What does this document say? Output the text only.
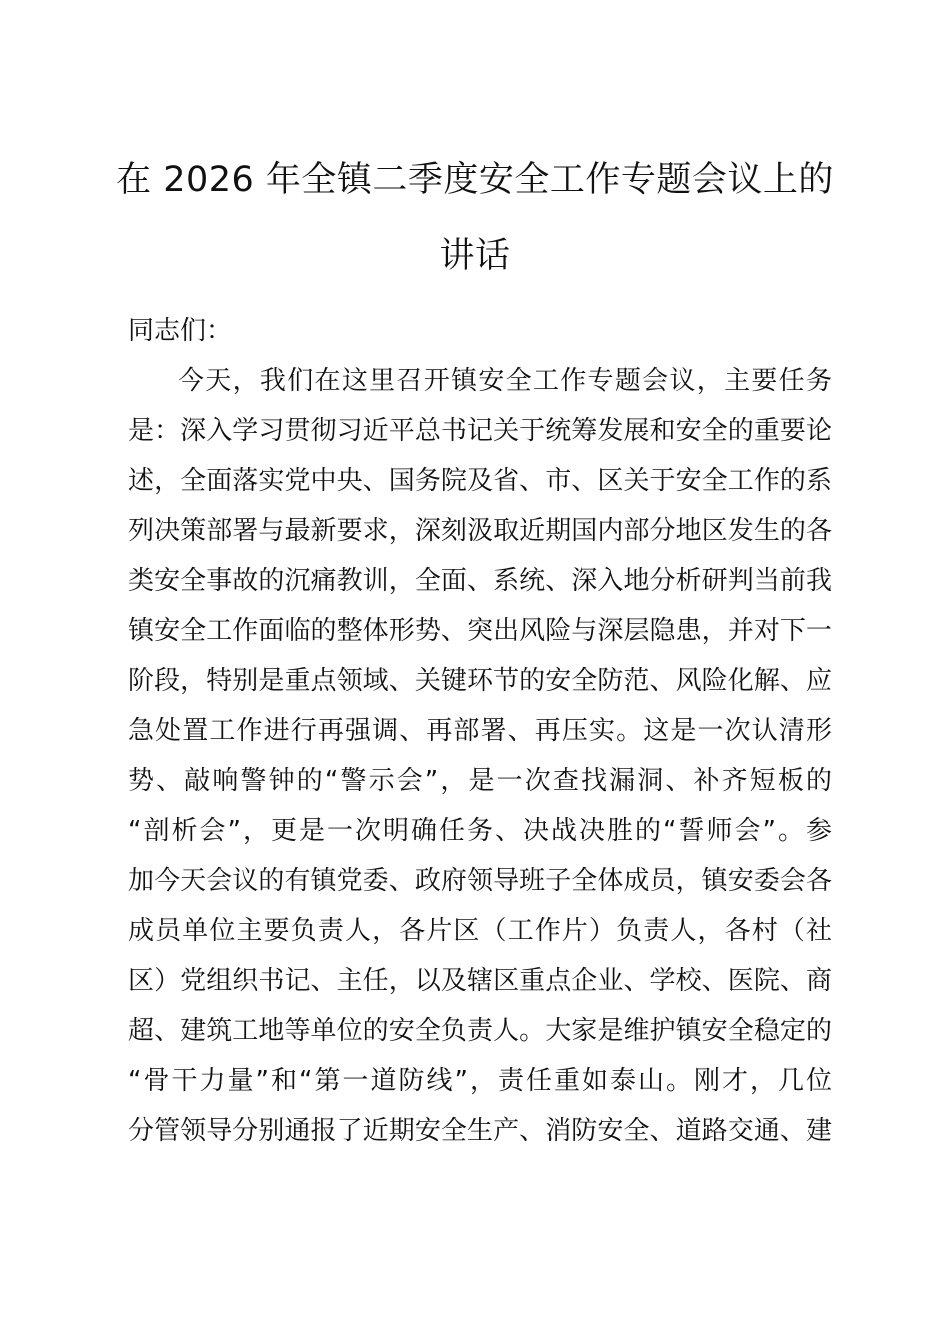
在 2026 年全镇二季度安全工作专题会议上的
讲话

同志们：

今天，我们在这里召开镇安全工作专题会议，主要任务

是：深入学习贯彻习近平总书记关于统筹发展和安全的重要论

述，全面落实党中央、国务院及省、市、区关于安全工作的系

列决策部署与最新要求，深刻汲取近期国内部分地区发生的各

类安全事故的沉痛教训，全面、系统、深入地分析研判当前我

镇安全工作面临的整体形势、突出风险与深层隐患，并对下一

阶段，特别是重点领域、关键环节的安全防范、风险化解、应

急处置工作进行再强调、再部署、再压实。这是一次认清形

势、敲响警钟的“警示会”，是一次查找漏洞、补齐短板的

“剖析会”，更是一次明确任务、决战决胜的“誓师会”。参

加今天会议的有镇党委、政府领导班子全体成员，镇安委会各

成员单位主要负责人，各片区（工作片）负责人，各村（社

区）党组织书记、主任，以及辖区重点企业、学校、医院、商

超、建筑工地等单位的安全负责人。大家是维护镇安全稳定的

“骨干力量”和“第一道防线”，责任重如泰山。刚才，几位

分管领导分别通报了近期安全生产、消防安全、道路交通、建
